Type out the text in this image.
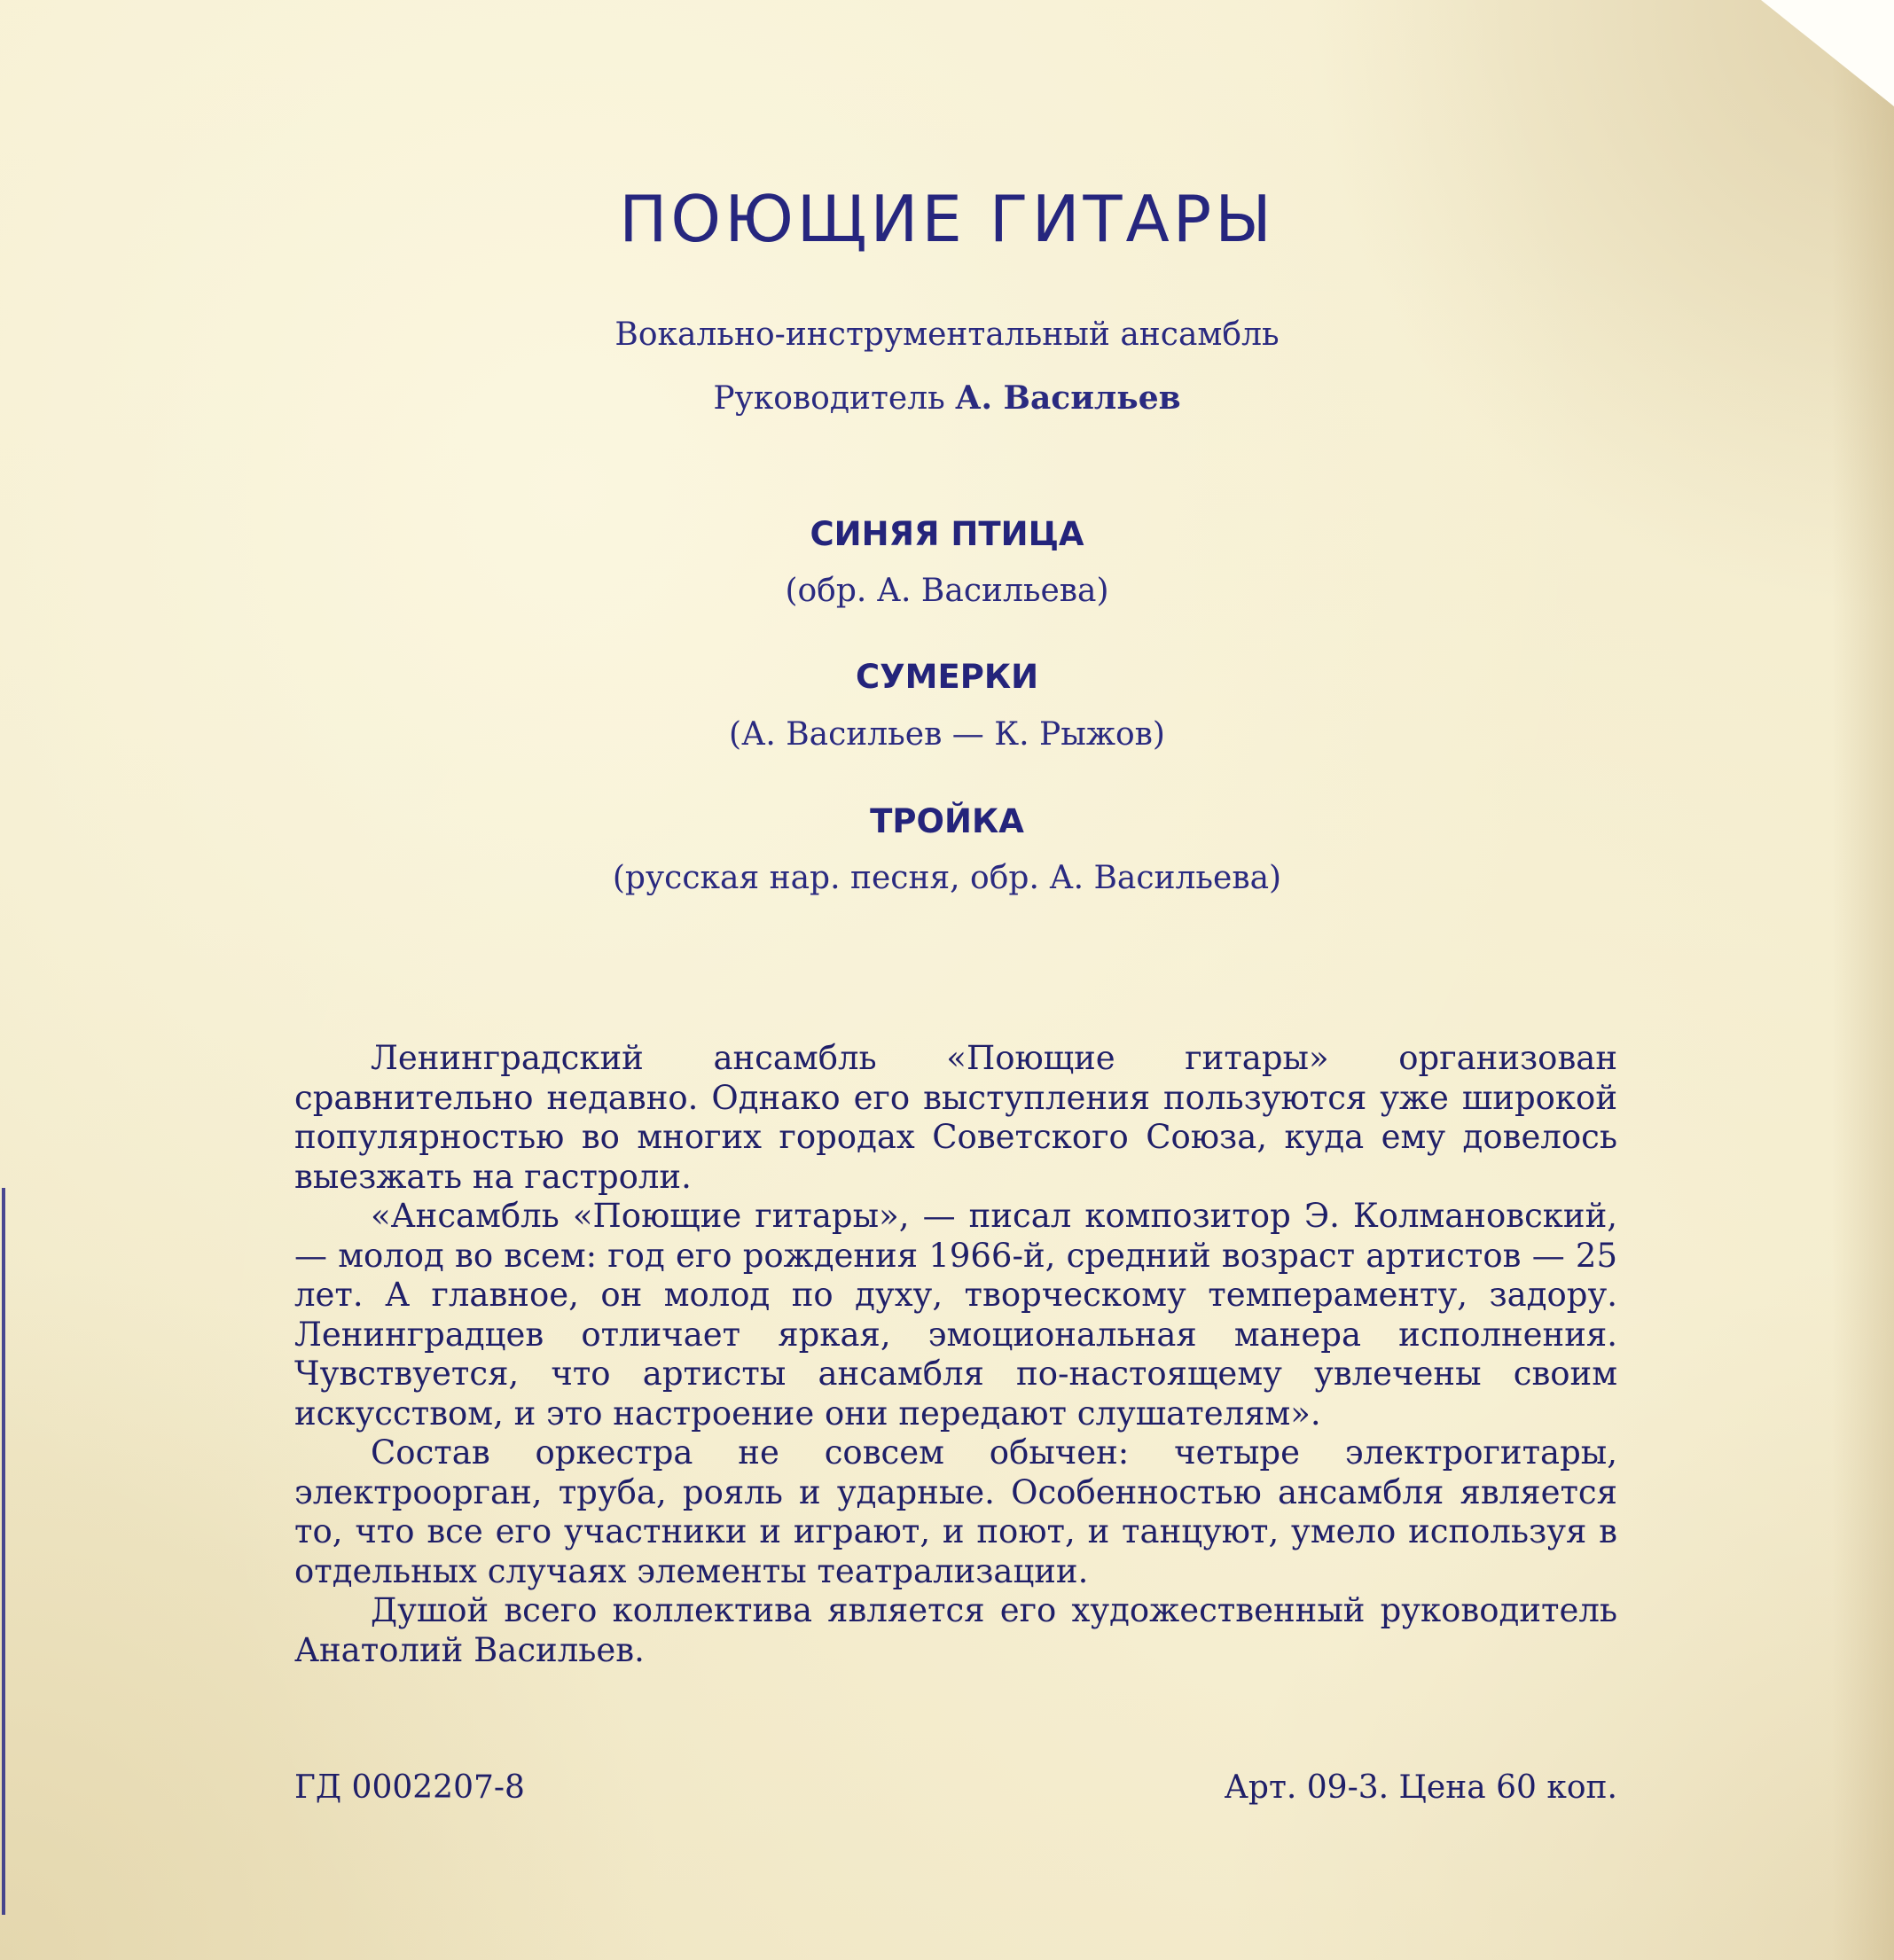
ПОЮЩИЕ ГИТАРЫ
Вокально-инструментальный ансамбль
Руководитель А. Васильев
СИНЯЯ ПТИЦА
(обр. А. Васильева)
СУМЕРКИ
(А. Васильев — К. Рыжов)
ТРОЙКА
(русская нар. песня, обр. А. Васильева)

Ленинградский ансамбль «Поющие гитары» организован сравнительно недавно. Однако его выступления пользуются уже широкой популярностью во многих городах Советского Союза, куда ему довелось выезжать на гастроли.

«Ансамбль «Поющие гитары», — писал композитор Э. Колмановский, — молод во всем: год его рождения 1966-й, средний возраст артистов — 25 лет. А главное, он молод по духу, творческому темпераменту, задору. Ленинградцев отличает яркая, эмоциональная манера исполнения. Чувствуется, что артисты ансамбля по-настоящему увлечены своим искусством, и это настроение они передают слушателям».

Состав оркестра не совсем обычен: четыре электрогитары, электроорган, труба, рояль и ударные. Особенностью ансамбля является то, что все его участники и играют, и поют, и танцуют, умело используя в отдельных случаях элементы театрализации.

Душой всего коллектива является его художественный руководитель Анатолий Васильев.

ГД 0002207-8	Арт. 09-3. Цена 60 коп.
